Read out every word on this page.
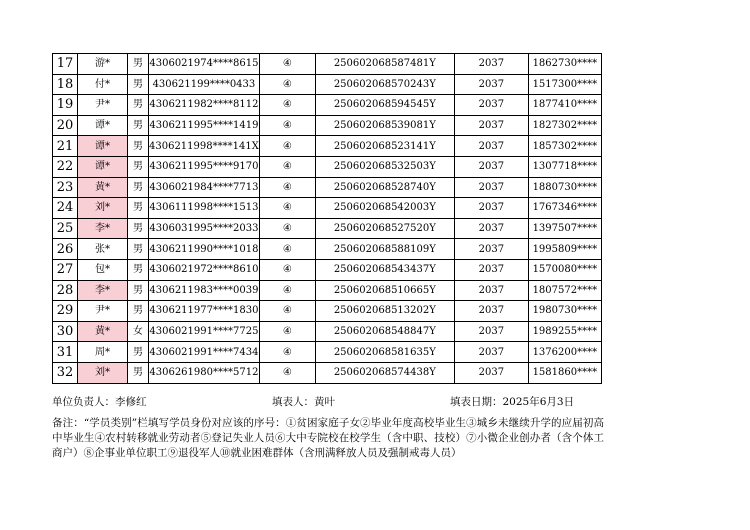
17	游*	男	4306021974****8615	④	250602068587481Y	2037	1862730****
18	付*	男	430621199****0433	④	250602068570243Y	2037	1517300****
19	尹*	男	4306211982****8112	④	250602068594545Y	2037	1877410****
20	谭*	男	4306211995****1419	④	250602068539081Y	2037	1827302****
21	谭*	男	4306211998****141X	④	250602068523141Y	2037	1857302****
22	谭*	男	4306211995****9170	④	250602068532503Y	2037	1307718****
23	黄*	男	4306021984****7713	④	250602068528740Y	2037	1880730****
24	刘*	男	4306111998****1513	④	250602068542003Y	2037	1767346****
25	李*	男	4306031995****2033	④	250602068527520Y	2037	1397507****
26	张*	男	4306211990****1018	④	250602068588109Y	2037	1995809****
27	包*	男	4306021972****8610	④	250602068543437Y	2037	1570080****
28	李*	男	4306211983****0039	④	250602068510665Y	2037	1807572****
29	尹*	男	4306211977****1830	④	250602068513202Y	2037	1980730****
30	黄*	女	4306021991****7725	④	250602068548847Y	2037	1989255****
31	周*	男	4306021991****7434	④	250602068581635Y	2037	1376200****
32	刘*	男	4306261980****5712	④	250602068574438Y	2037	1581860****
单位负责人：李修红	填表人：黄叶	填表日期：2025年6月3日
备注：“学员类别”栏填写学员身份对应该的序号：①贫困家庭子女②毕业年度高校毕业生③城乡未继续升学的应届初高中毕业生④农村转移就业劳动者⑤登记失业人员⑥大中专院校在校学生（含中职、技校）⑦小微企业创办者（含个体工商户）⑧企事业单位职工⑨退役军人⑩就业困难群体（含刑满释放人员及强制戒毒人员）
